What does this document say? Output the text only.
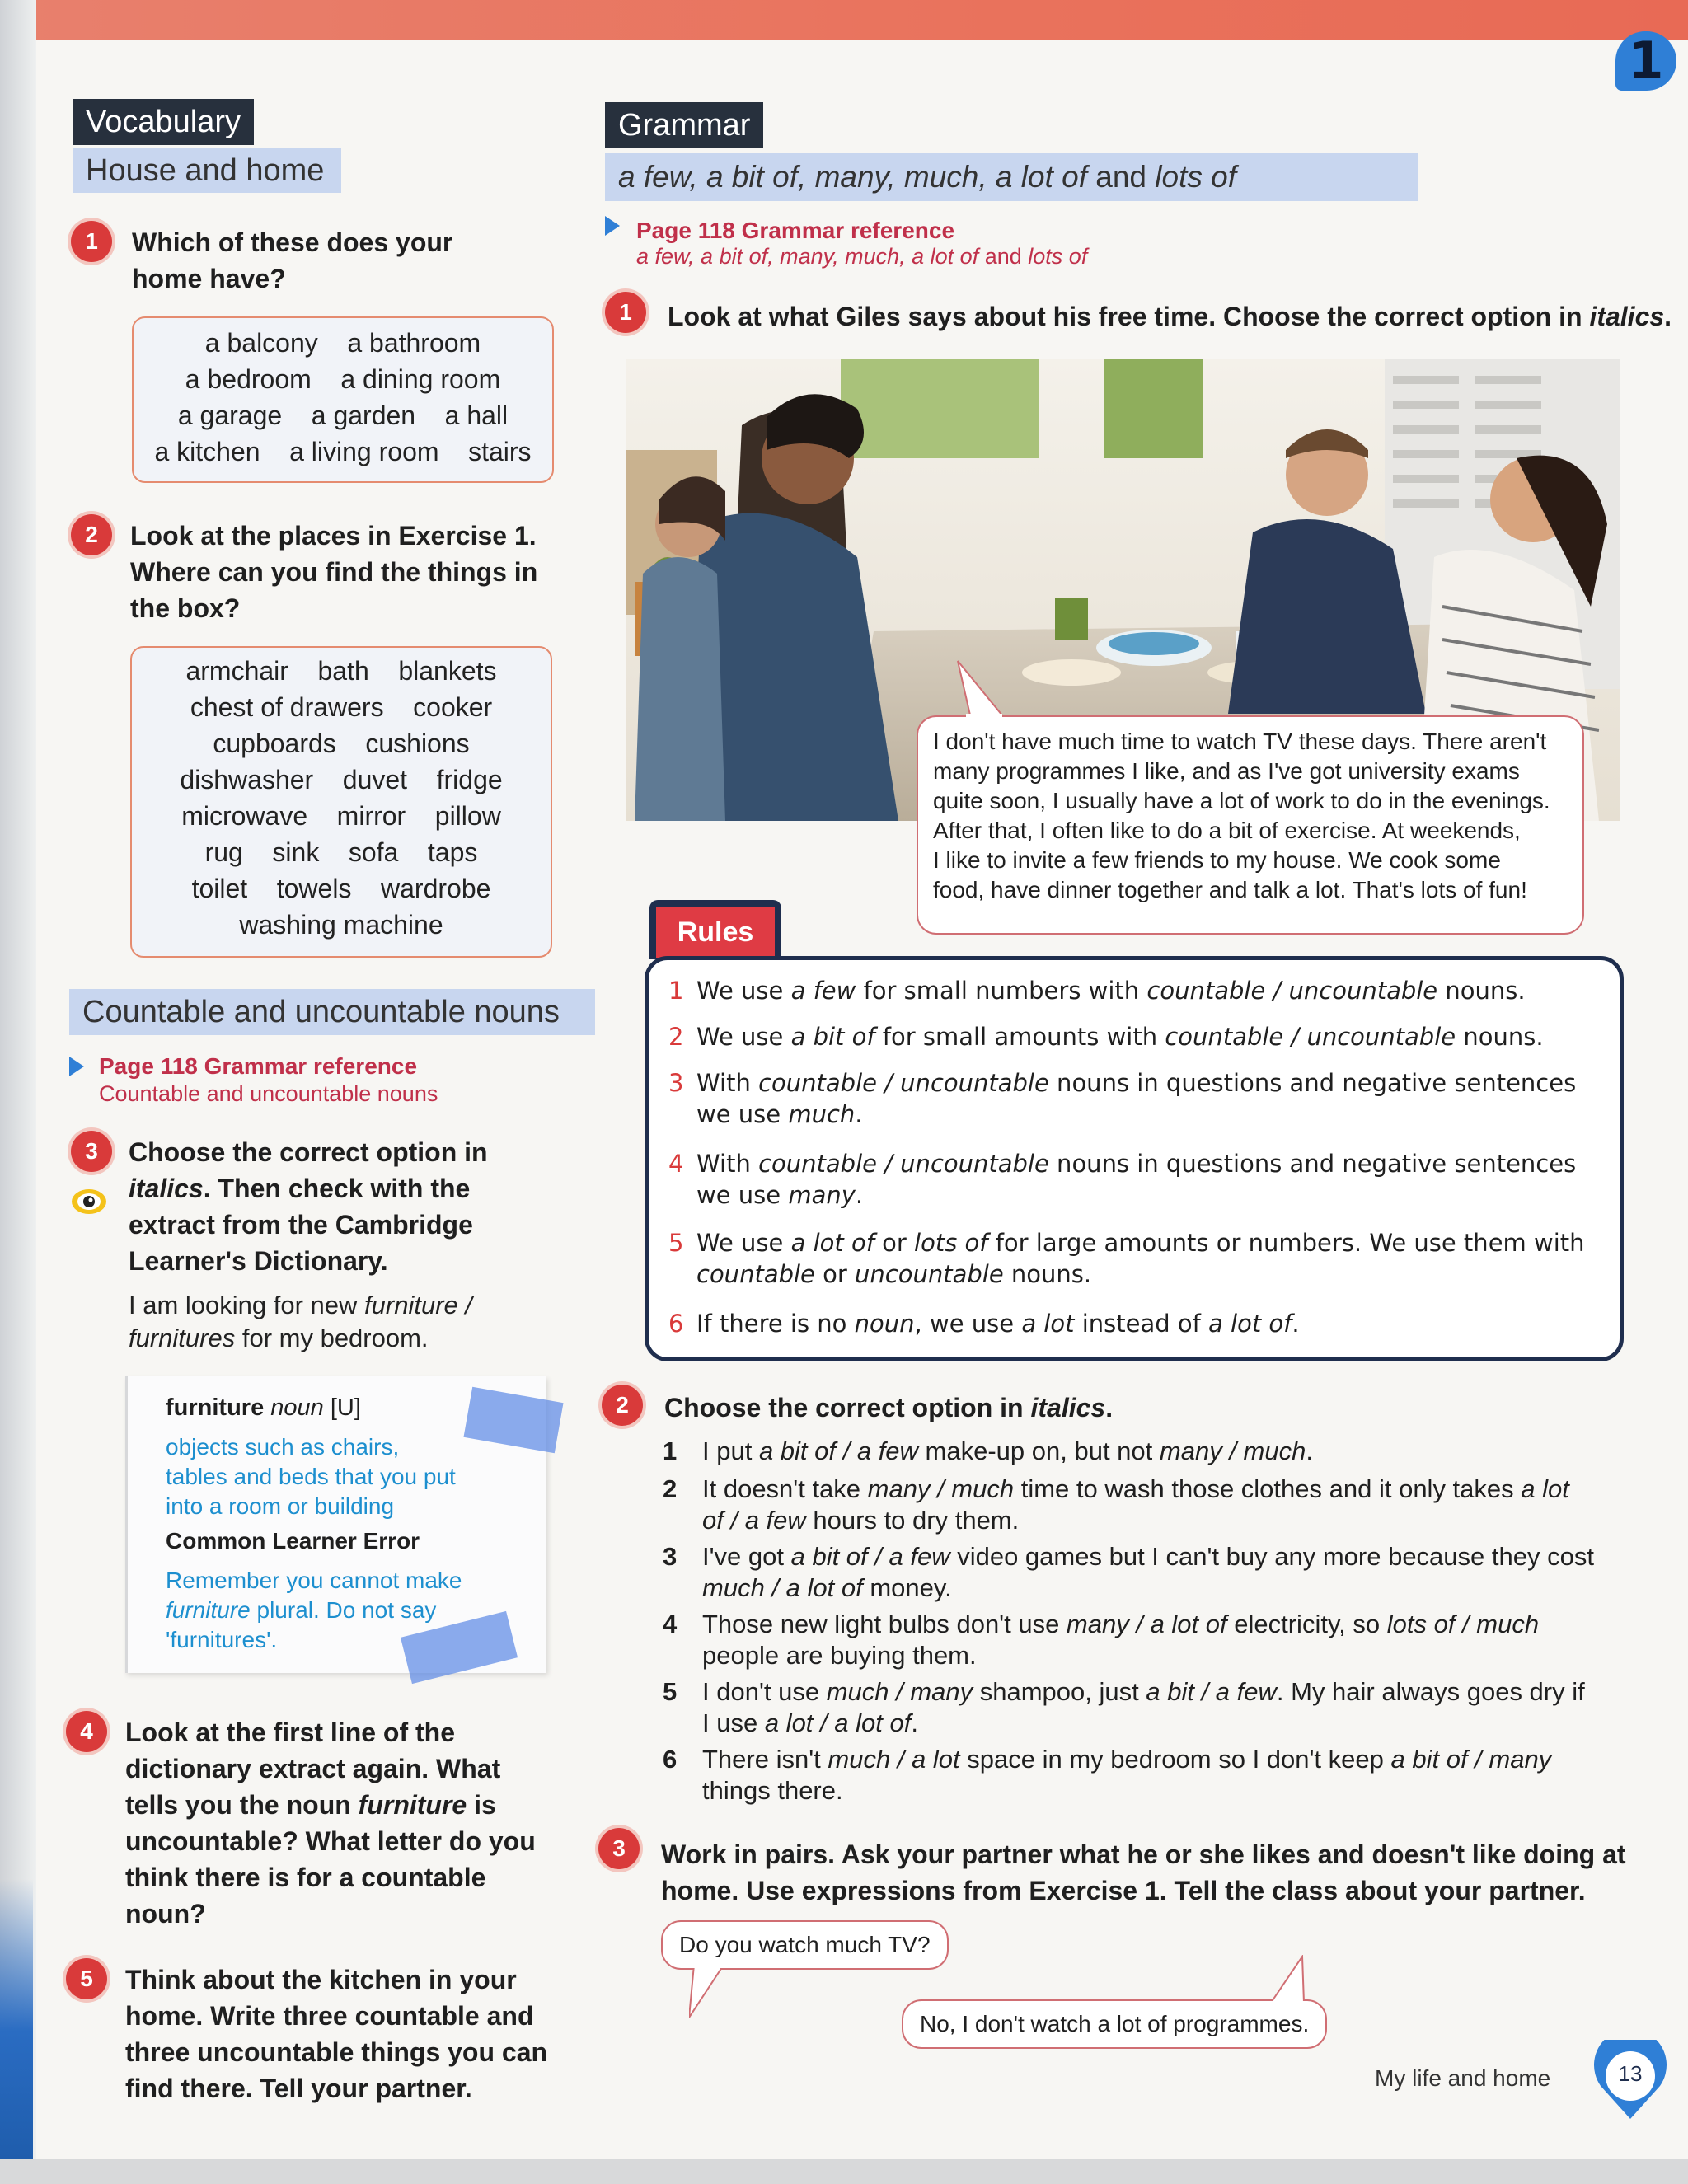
1
Vocabulary
House and home
1	Which of these does your
home have?
a balcony    a bathroom
a bedroom    a dining room
a garage    a garden    a hall
a kitchen    a living room    stairs
2	Look at the places in Exercise 1.
Where can you find the things in
the box?
armchair    bath    blankets
chest of drawers    cooker
cupboards    cushions
dishwasher    duvet    fridge
microwave    mirror    pillow
rug    sink    sofa    taps
toilet    towels    wardrobe
washing machine
Countable and uncountable nouns
Page 118 Grammar reference
Countable and uncountable nouns
3	Choose the correct option in
italics. Then check with the
extract from the Cambridge
Learner's Dictionary.
I am looking for new furniture /
furnitures for my bedroom.
furniture noun [U]
objects such as chairs,
tables and beds that you put
into a room or building
Common Learner Error
Remember you cannot make
furniture plural. Do not say
'furnitures'.
4	Look at the first line of the
dictionary extract again. What
tells you the noun furniture is
uncountable? What letter do you
think there is for a countable
noun?
5	Think about the kitchen in your
home. Write three countable and
three uncountable things you can
find there. Tell your partner.
Grammar
a few, a bit of, many, much, a lot of and lots of
Page 118 Grammar reference
a few, a bit of, many, much, a lot of and lots of
1	Look at what Giles says about his free time. Choose the correct option in italics.
I don't have much time to watch TV these days. There aren't
many programmes I like, and as I've got university exams
quite soon, I usually have a lot of work to do in the evenings.
After that, I often like to do a bit of exercise. At weekends,
I like to invite a few friends to my house. We cook some
food, have dinner together and talk a lot. That's lots of fun!
Rules
1 We use a few for small numbers with countable / uncountable nouns.
2 We use a bit of for small amounts with countable / uncountable nouns.
3 With countable / uncountable nouns in questions and negative sentences
we use much.
4 With countable / uncountable nouns in questions and negative sentences
we use many.
5 We use a lot of or lots of for large amounts or numbers. We use them with
countable or uncountable nouns.
6 If there is no noun, we use a lot instead of a lot of.
2	Choose the correct option in italics.
1 I put a bit of / a few make-up on, but not many / much.
2 It doesn't take many / much time to wash those clothes and it only takes a lot
of / a few hours to dry them.
3 I've got a bit of / a few video games but I can't buy any more because they cost
much / a lot of money.
4 Those new light bulbs don't use many / a lot of electricity, so lots of / much
people are buying them.
5 I don't use much / many shampoo, just a bit / a few. My hair always goes dry if
I use a lot / a lot of.
6 There isn't much / a lot space in my bedroom so I don't keep a bit of / many
things there.
3	Work in pairs. Ask your partner what he or she likes and doesn't like doing at
home. Use expressions from Exercise 1. Tell the class about your partner.
Do you watch much TV?
No, I don't watch a lot of programmes.
My life and home	13
